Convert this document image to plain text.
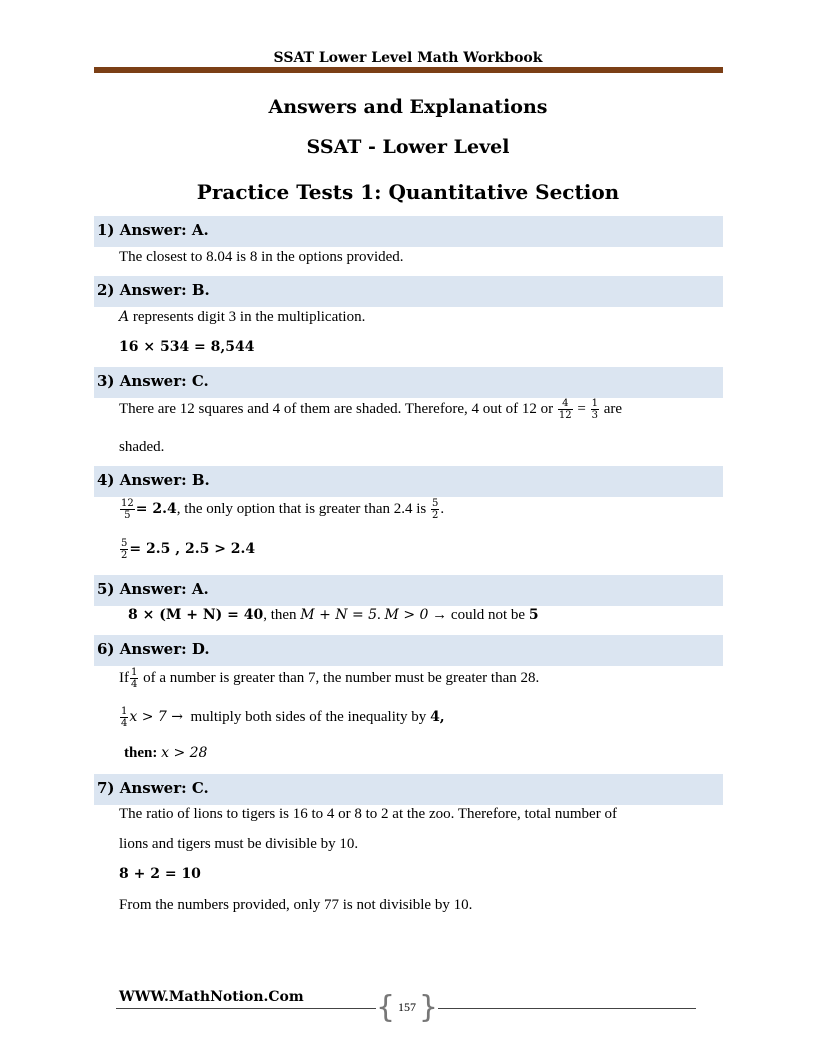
SSAT Lower Level Math Workbook
Answers and Explanations
SSAT - Lower Level
Practice Tests 1: Quantitative Section
1) Answer: A.
The closest to 8.04 is 8 in the options provided.
2) Answer: B.
A represents digit 3 in the multiplication.
16 × 534 = 8,544
3) Answer: C.
There are 12 squares and 4 of them are shaded. Therefore, 4 out of 12 or $\frac{4}{12} = \frac{1}{3}$ are
shaded.
4) Answer: B.
$\frac{12}{5} = 2.4$, the only option that is greater than 2.4 is $\frac{5}{2}$ .
$\frac{5}{2} = 2.5$ , 2.5 > 2.4
5) Answer: A.
8 × (M + N) = 40, then M + N = 5. M > 0 → could not be 5
6) Answer: D.
If $\frac{1}{4}$ of a number is greater than 7, the number must be greater than 28.
$\frac{1}{4}$ x > 7 → multiply both sides of the inequality by 4,
then: x > 28
7) Answer: C.
The ratio of lions to tigers is 16 to 4 or 8 to 2 at the zoo. Therefore, total number of
lions and tigers must be divisible by 10.
8 + 2 = 10
From the numbers provided, only 77 is not divisible by 10.
WWW.MathNotion.Com { 157 }
